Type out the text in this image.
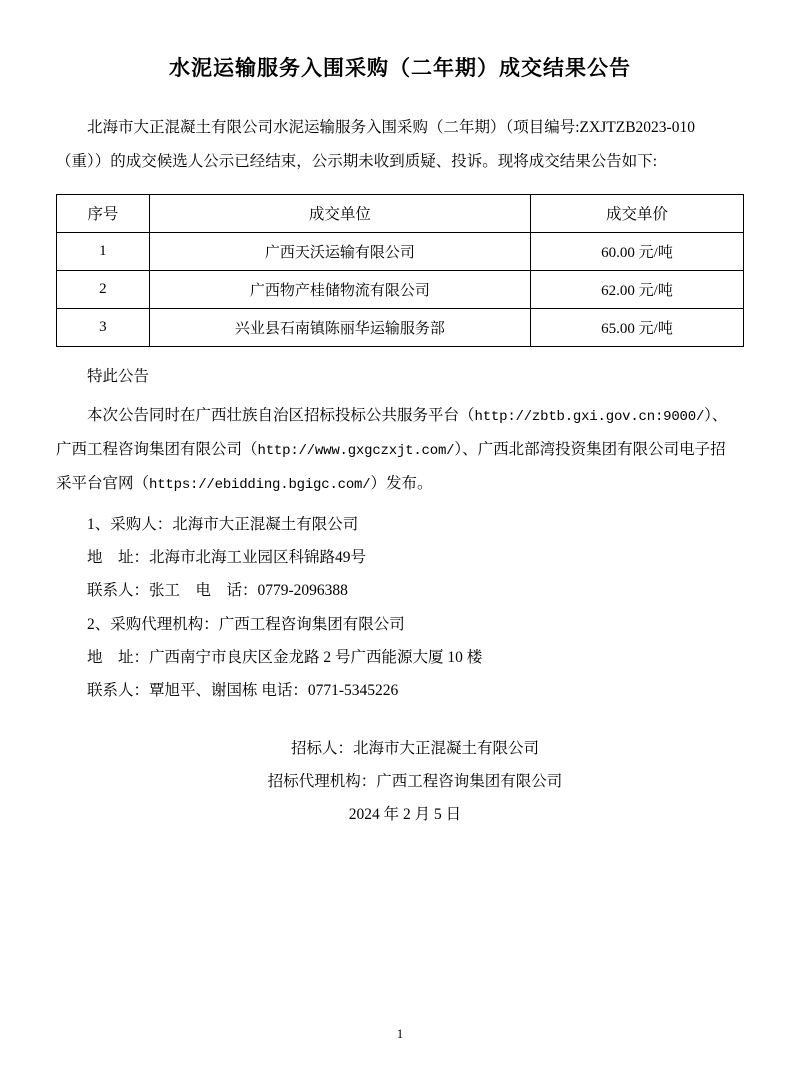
水泥运输服务入围采购（二年期）成交结果公告

北海市大正混凝土有限公司水泥运输服务入围采购（二年期）（项目编号:ZXJTZB2023-010

（重））的成交候选人公示已经结束，公示期未收到质疑、投诉。现将成交结果公告如下:

序号	成交单位	成交单价
1	广西天沃运输有限公司	60.00 元/吨
2	广西物产桂储物流有限公司	62.00 元/吨
3	兴业县石南镇陈丽华运输服务部	65.00 元/吨

特此公告

本次公告同时在广西壮族自治区招标投标公共服务平台（http://zbtb.gxi.gov.cn:9000/）、

广西工程咨询集团有限公司（http://www.gxgczxjt.com/）、广西北部湾投资集团有限公司电子招

采平台官网（https://ebidding.bgigc.com/）发布。

1、采购人：北海市大正混凝土有限公司

地　址：北海市北海工业园区科锦路49号

联系人：张工　电　话：0779-2096388

2、采购代理机构：广西工程咨询集团有限公司

地　址：广西南宁市良庆区金龙路 2 号广西能源大厦 10 楼

联系人：覃旭平、谢国栋 电话：0771-5345226

招标人：北海市大正混凝土有限公司
招标代理机构：广西工程咨询集团有限公司
2024 年 2 月 5 日
1
